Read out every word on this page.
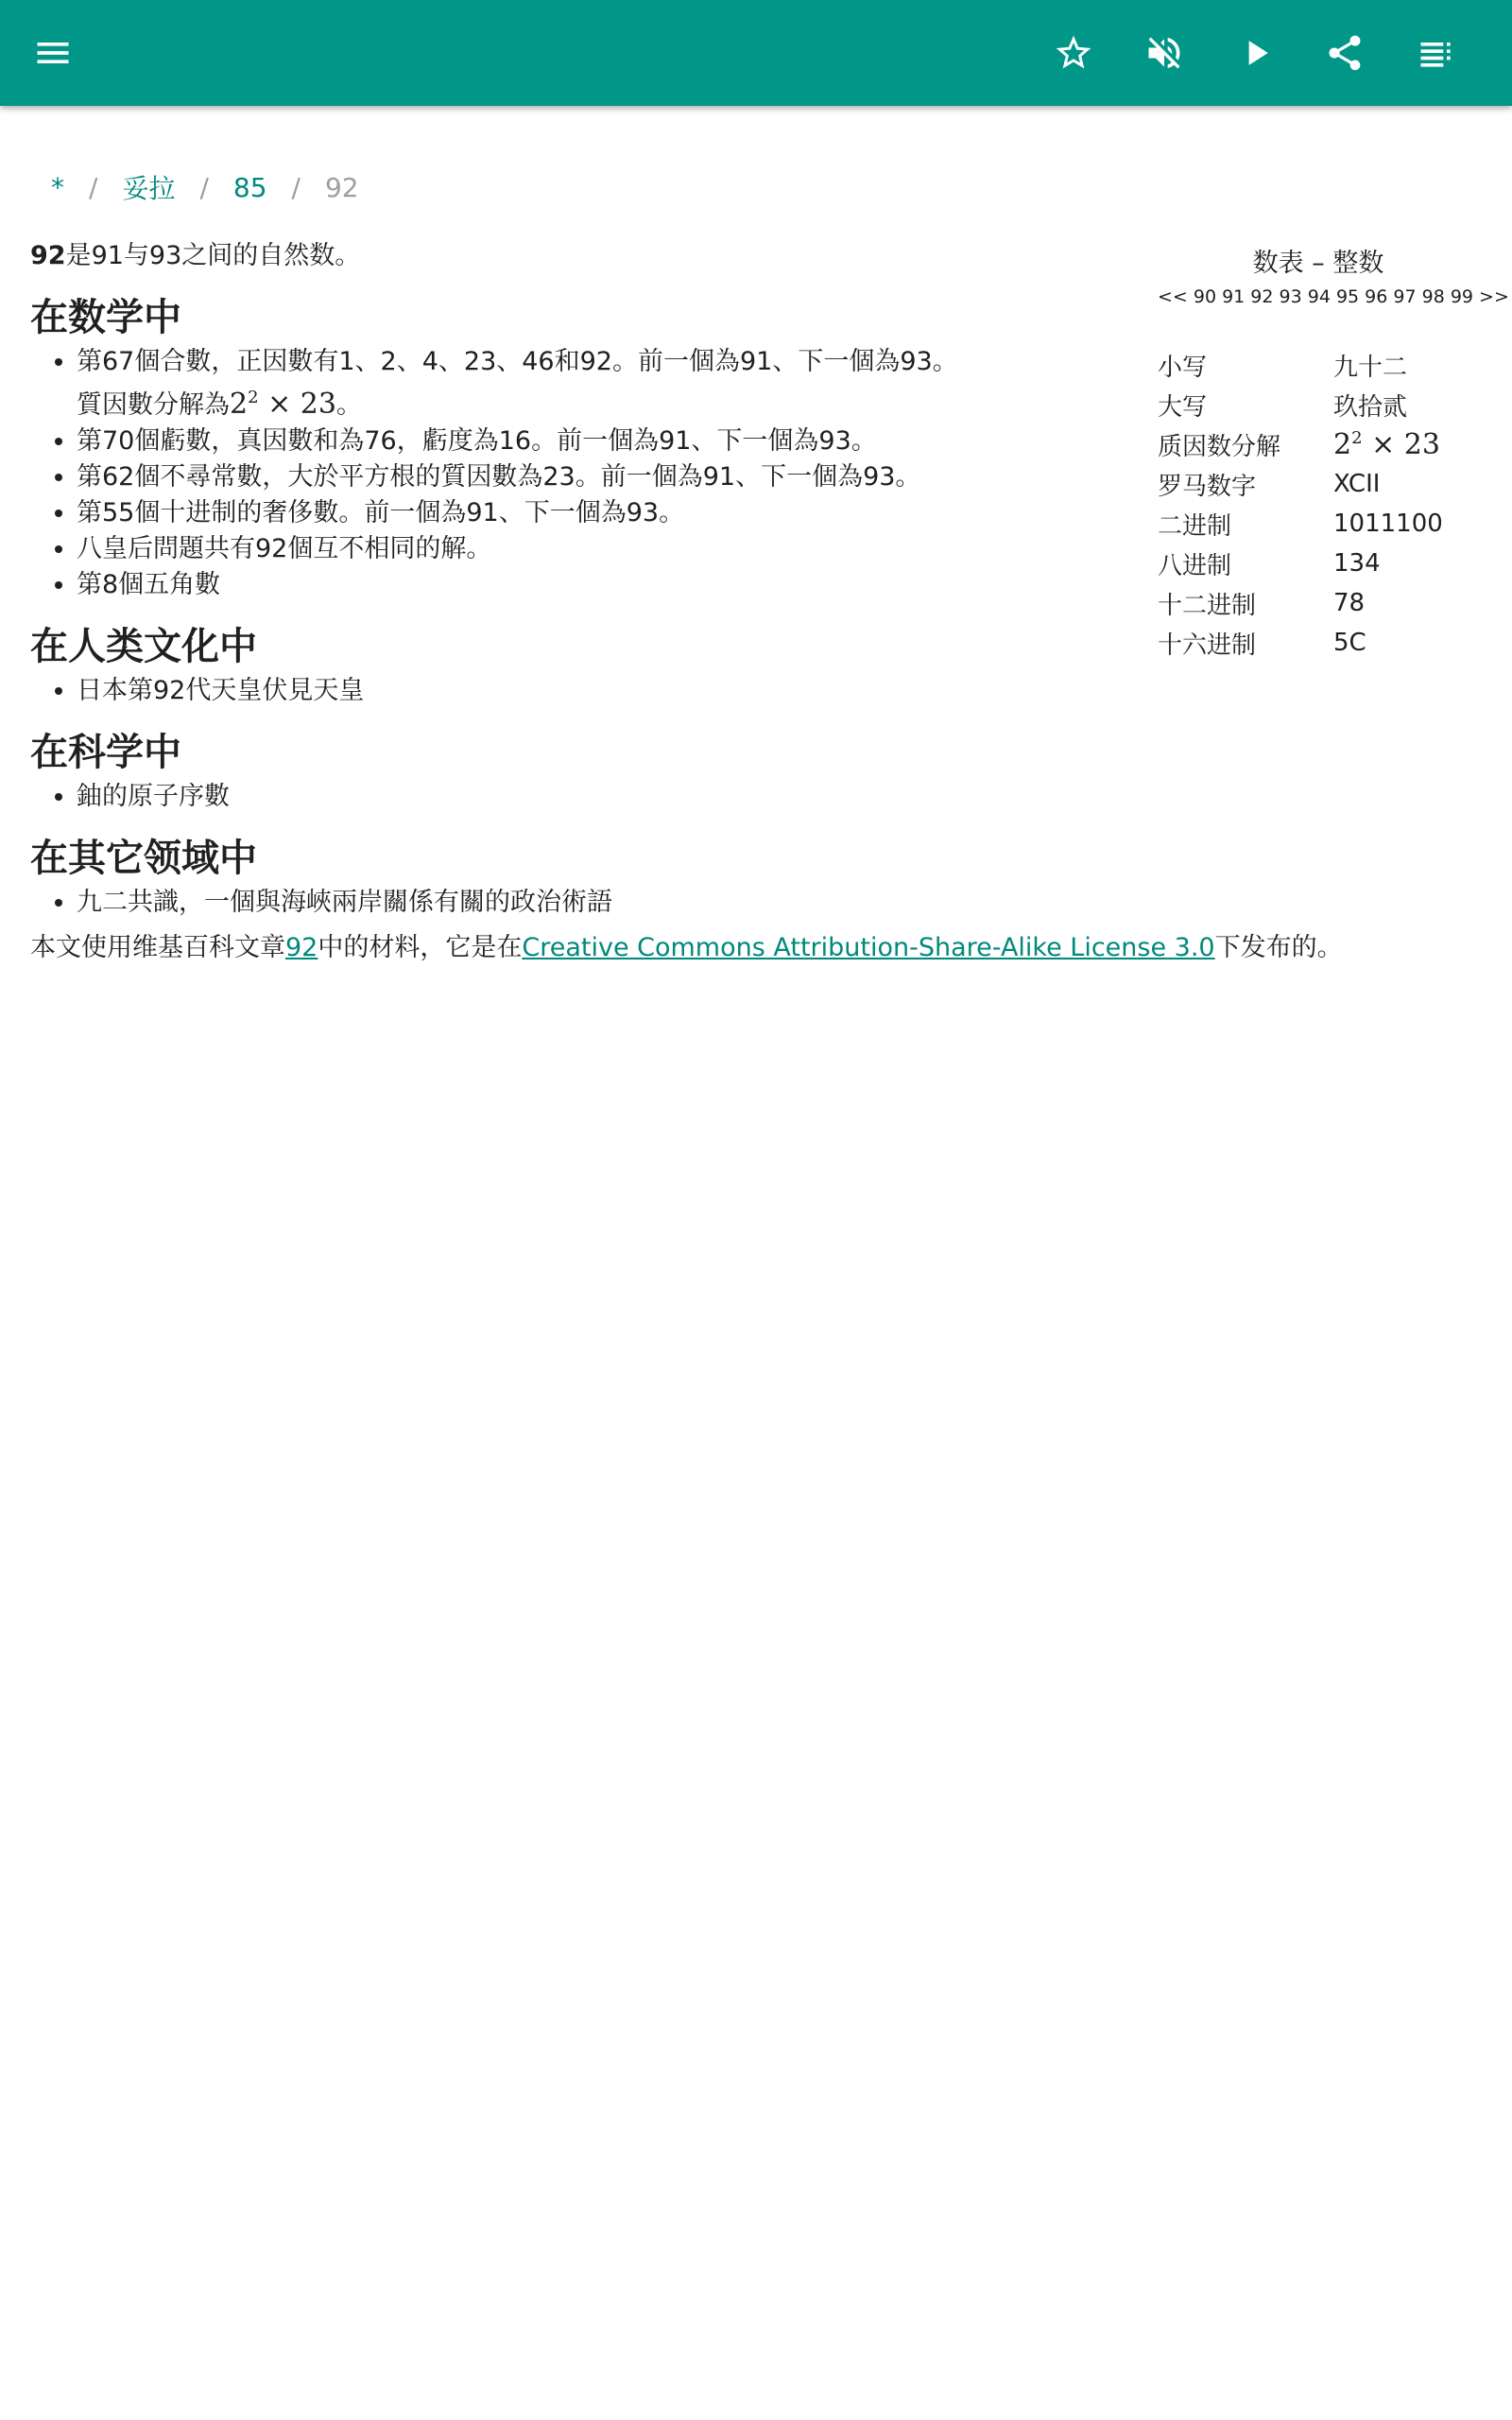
* / 妥拉 / 85 / 92

92是91与93之间的自然数。

在数学中
• 第67個合數，正因數有1、2、4、23、46和92。前一個為91、下一個為93。
質因數分解為$2^2 \times 23$。
• 第70個虧數，真因數和為76，虧度為16。前一個為91、下一個為93。
• 第62個不尋常數，大於平方根的質因數為23。前一個為91、下一個為93。
• 第55個十进制的奢侈數。前一個為91、下一個為93。
• 八皇后問題共有92個互不相同的解。
• 第8個五角數
在人类文化中
• 日本第92代天皇伏見天皇
在科学中
• 鈾的原子序數
在其它领域中
• 九二共識，一個與海峽兩岸關係有關的政治術語
数表 – 整数
<< 90 91 92 93 94 95 96 97 98 99 >>
小写	九十二
大写	玖拾贰
质因数分解	$2^2 \times 23$
罗马数字	XCII
二进制	1011100
八进制	134
十二进制	78
十六进制	5C
本文使用维基百科文章92中的材料，它是在Creative Commons Attribution-Share-Alike License 3.0下发布的。
